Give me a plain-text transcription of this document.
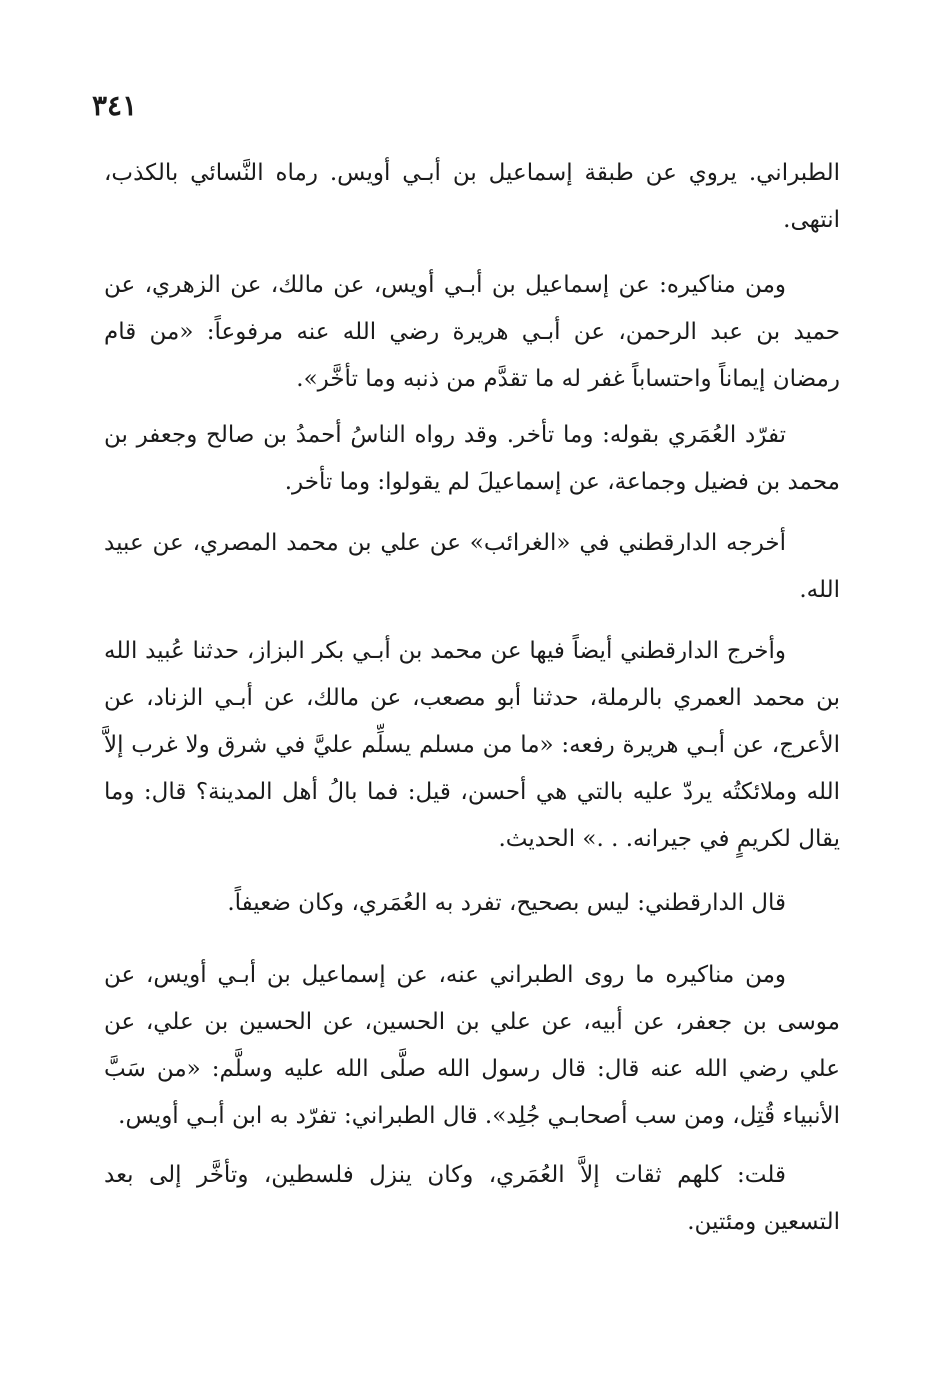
٣٤١

الطبراني. يروي عن طبقة إسماعيل بن أبـي أويس. رماه النَّسائي بالكذب، انتهى.

ومن مناكيره: عن إسماعيل بن أبـي أويس، عن مالك، عن الزهري، عن حميد بن عبد الرحمن، عن أبـي هريرة رضي الله عنه مرفوعاً: «من قام رمضان إيماناً واحتساباً غفر له ما تقدَّم من ذنبه وما تأخَّر».

تفرّد العُمَري بقوله: وما تأخر. وقد رواه الناسُ أحمدُ بن صالح وجعفر بن محمد بن فضيل وجماعة، عن إسماعيلَ لم يقولوا: وما تأخر.

أخرجه الدارقطني في «الغرائب» عن علي بن محمد المصري، عن عبيد الله.

وأخرج الدارقطني أيضاً فيها عن محمد بن أبـي بكر البزاز، حدثنا عُبيد الله بن محمد العمري بالرملة، حدثنا أبو مصعب، عن مالك، عن أبـي الزناد، عن الأعرج، عن أبـي هريرة رفعه: «ما من مسلم يسلِّم عليَّ في شرق ولا غرب إلاَّ الله وملائكتُه يردّ عليه بالتي هي أحسن، قيل: فما بالُ أهل المدينة؟ قال: وما يقال لكريمٍ في جيرانه. . .» الحديث.

قال الدارقطني: ليس بصحيح، تفرد به العُمَري، وكان ضعيفاً.

ومن مناكيره ما روى الطبراني عنه، عن إسماعيل بن أبـي أويس، عن موسى بن جعفر، عن أبيه، عن علي بن الحسين، عن الحسين بن علي، عن علي رضي الله عنه قال: قال رسول الله صلَّى الله عليه وسلَّم: «من سَبَّ الأنبياء قُتِل، ومن سب أصحابـي جُلِد». قال الطبراني: تفرّد به ابن أبـي أويس.

قلت: كلهم ثقات إلاَّ العُمَري، وكان ينزل فلسطين، وتأخَّر إلى بعد التسعين ومئتين.
